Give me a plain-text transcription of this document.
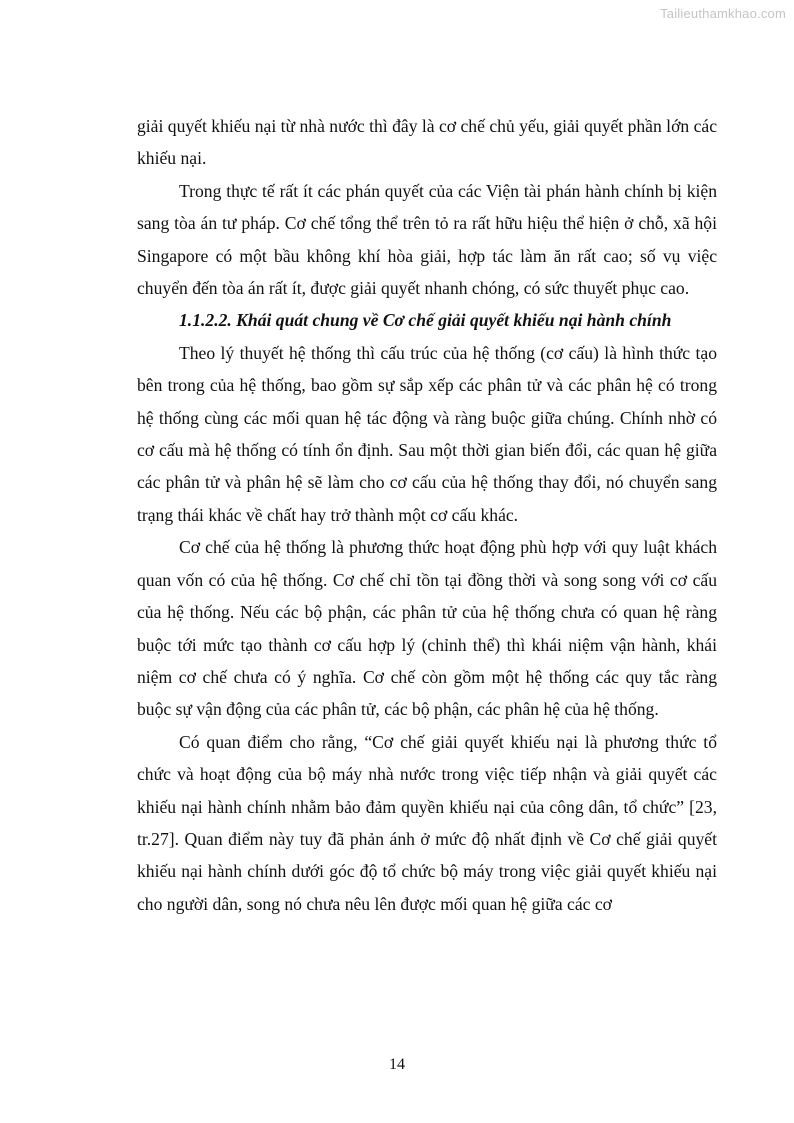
Tailieuthamkhao.com

giải quyết khiếu nại từ nhà nước thì đây là cơ chế chủ yếu, giải quyết phần lớn các khiếu nại.

Trong thực tế rất ít các phán quyết của các Viện tài phán hành chính bị kiện sang tòa án tư pháp. Cơ chế tổng thể trên tỏ ra rất hữu hiệu thể hiện ở chỗ, xã hội Singapore có một bầu không khí hòa giải, hợp tác làm ăn rất cao; số vụ việc chuyển đến tòa án rất ít, được giải quyết nhanh chóng, có sức thuyết phục cao.

1.1.2.2. Khái quát chung về Cơ chế giải quyết khiếu nại hành chính

Theo lý thuyết hệ thống thì cấu trúc của hệ thống (cơ cấu) là hình thức tạo bên trong của hệ thống, bao gồm sự sắp xếp các phân tử và các phân hệ có trong hệ thống cùng các mối quan hệ tác động và ràng buộc giữa chúng. Chính nhờ có cơ cấu mà hệ thống có tính ổn định. Sau một thời gian biến đổi, các quan hệ giữa các phân tử và phân hệ sẽ làm cho cơ cấu của hệ thống thay đổi, nó chuyển sang trạng thái khác về chất hay trở thành một cơ cấu khác.

Cơ chế của hệ thống là phương thức hoạt động phù hợp với quy luật khách quan vốn có của hệ thống. Cơ chế chỉ tồn tại đồng thời và song song với cơ cấu của hệ thống. Nếu các bộ phận, các phân tử của hệ thống chưa có quan hệ ràng buộc tới mức tạo thành cơ cấu hợp lý (chỉnh thể) thì khái niệm vận hành, khái niệm cơ chế chưa có ý nghĩa. Cơ chế còn gồm một hệ thống các quy tắc ràng buộc sự vận động của các phân tử, các bộ phận, các phân hệ của hệ thống.

Có quan điểm cho rằng, “Cơ chế giải quyết khiếu nại là phương thức tổ chức và hoạt động của bộ máy nhà nước trong việc tiếp nhận và giải quyết các khiếu nại hành chính nhằm bảo đảm quyền khiếu nại của công dân, tổ chức” [23, tr.27]. Quan điểm này tuy đã phản ánh ở mức độ nhất định về Cơ chế giải quyết khiếu nại hành chính dưới góc độ tổ chức bộ máy trong việc giải quyết khiếu nại cho người dân, song nó chưa nêu lên được mối quan hệ giữa các cơ

14
